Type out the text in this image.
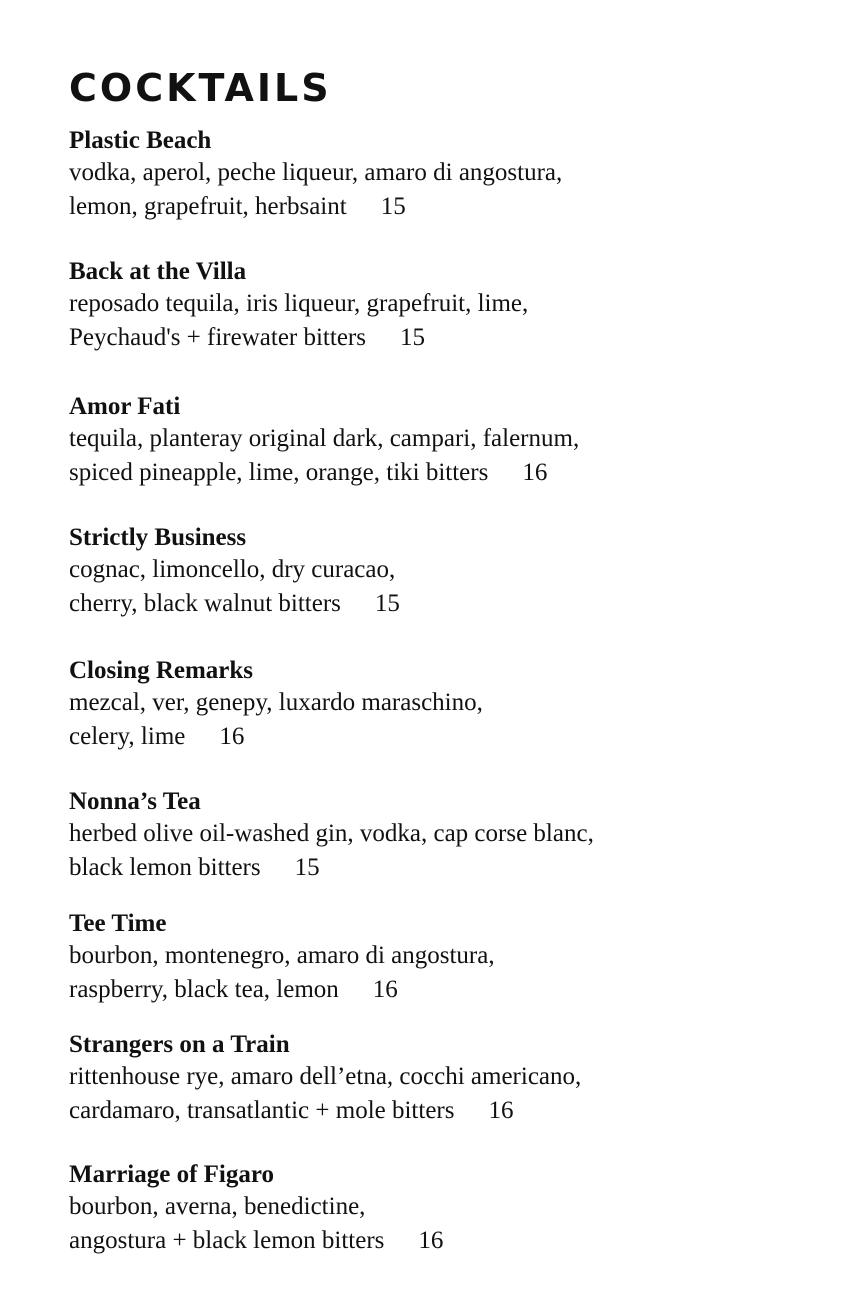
COCKTAILS
Plastic Beach
vodka, aperol, peche liqueur, amaro di angostura,
lemon, grapefruit, herbsaint 15
Back at the Villa
reposado tequila, iris liqueur, grapefruit, lime,
Peychaud's + firewater bitters 15
Amor Fati
tequila, planteray original dark, campari, falernum,
spiced pineapple, lime, orange, tiki bitters 16
Strictly Business
cognac, limoncello, dry curacao,
cherry, black walnut bitters 15
Closing Remarks
mezcal, ver, genepy, luxardo maraschino,
celery, lime 16
Nonna’s Tea
herbed olive oil-washed gin, vodka, cap corse blanc,
black lemon bitters 15
Tee Time
bourbon, montenegro, amaro di angostura,
raspberry, black tea, lemon 16
Strangers on a Train
rittenhouse rye, amaro dell’etna, cocchi americano,
cardamaro, transatlantic + mole bitters 16
Marriage of Figaro
bourbon, averna, benedictine,
angostura + black lemon bitters 16
